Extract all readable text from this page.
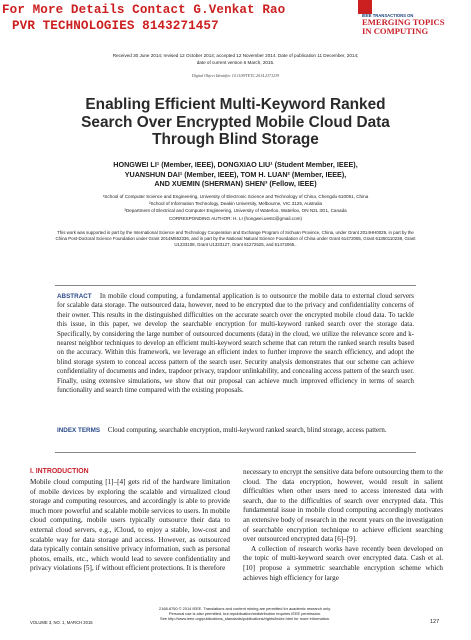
For More Details Contact G.Venkat Rao
PVR TECHNOLOGIES 8143271457
IEEE TRANSACTIONS ON
EMERGING TOPICS
IN COMPUTING
Received 30 June 2014; revised 12 October 2014; accepted 12 November 2014. Date of publication 11 December, 2014;
date of current version 6 March, 2015.
Digital Object Identifier 10.1109/TETC.2014.2371239
Enabling Efficient Multi-Keyword Ranked Search Over Encrypted Mobile Cloud Data Through Blind Storage
HONGWEI LI¹ (Member, IEEE), DONGXIAO LIU¹ (Student Member, IEEE),
YUANSHUN DAI¹ (Member, IEEE), TOM H. LUAN² (Member, IEEE),
AND XUEMIN (SHERMAN) SHEN³ (Fellow, IEEE)
¹School of Computer Science and Engineering, University of Electronic Science and Technology of China, Chengdu 610051, China
²School of Information Technology, Deakin University, Melbourne, VIC 3125, Australia
³Department of Electrical and Computer Engineering, University of Waterloo, Waterloo, ON N2L 3G1, Canada
CORRESPONDING AUTHOR: H. LI (hongwei.uestc@gmail.com)
This work was supported in part by the International Science and Technology Cooperation and Exchange Program of Sichuan Province, China, under Grant 2014HH0029, in part by the China Post-Doctoral Science Foundation under Grant 2014M552336, and in part by the National Natural Science Foundation of China under Grant 61472065, Grant 61350110238, Grant U1233108, Grant U1333127, Grant 61272525, and 61472065..
ABSTRACT In mobile cloud computing, a fundamental application is to outsource the mobile data to external cloud servers for scalable data storage. The outsourced data, however, need to be encrypted due to the privacy and confidentiality concerns of their owner. This results in the distinguished difficulties on the accurate search over the encrypted mobile cloud data. To tackle this issue, in this paper, we develop the searchable encryption for multi-keyword ranked search over the storage data. Specifically, by considering the large number of outsourced documents (data) in the cloud, we utilize the relevance score and k-nearest neighbor techniques to develop an efficient multi-keyword search scheme that can return the ranked search results based on the accuracy. Within this framework, we leverage an efficient index to further improve the search efficiency, and adopt the blind storage system to conceal access pattern of the search user. Security analysis demonstrates that our scheme can achieve confidentiality of documents and index, trapdoor privacy, trapdoor unlinkability, and concealing access pattern of the search user. Finally, using extensive simulations, we show that our proposal can achieve much improved efficiency in terms of search functionality and search time compared with the existing proposals.
INDEX TERMS Cloud computing, searchable encryption, multi-keyword ranked search, blind storage, access pattern.
I. INTRODUCTION

Mobile cloud computing [1]–[4] gets rid of the hardware limitation of mobile devices by exploring the scalable and virtualized cloud storage and computing resources, and accordingly is able to provide much more powerful and scalable mobile services to users. In mobile cloud computing, mobile users typically outsource their data to external cloud servers, e.g., iCloud, to enjoy a stable, low-cost and scalable way for data storage and access. However, as outsourced data typically contain sensitive privacy information, such as personal photos, emails, etc., which would lead to severe confidentiality and privacy violations [5], if without efficient protections. It is therefore

necessary to encrypt the sensitive data before outsourcing them to the cloud. The data encryption, however, would result in salient difficulties when other users need to access interested data with search, due to the difficulties of search over encrypted data. This fundamental issue in mobile cloud computing accordingly motivates an extensive body of research in the recent years on the investigation of searchable encryption technique to achieve efficient searching over outsourced encrypted data [6]–[9].

A collection of research works have recently been developed on the topic of multi-keyword search over encrypted data. Cash et al. [10] propose a symmetric searchable encryption scheme which achieves high efficiency for large

VOLUME 3, NO. 1, MARCH 2015
2168-6750 © 2014 IEEE. Translations and content mining are permitted for academic research only.
Personal use is also permitted, but republication/redistribution requires IEEE permission.
See http://www.ieee.org/publications_standards/publications/rights/index.html for more information.
127
